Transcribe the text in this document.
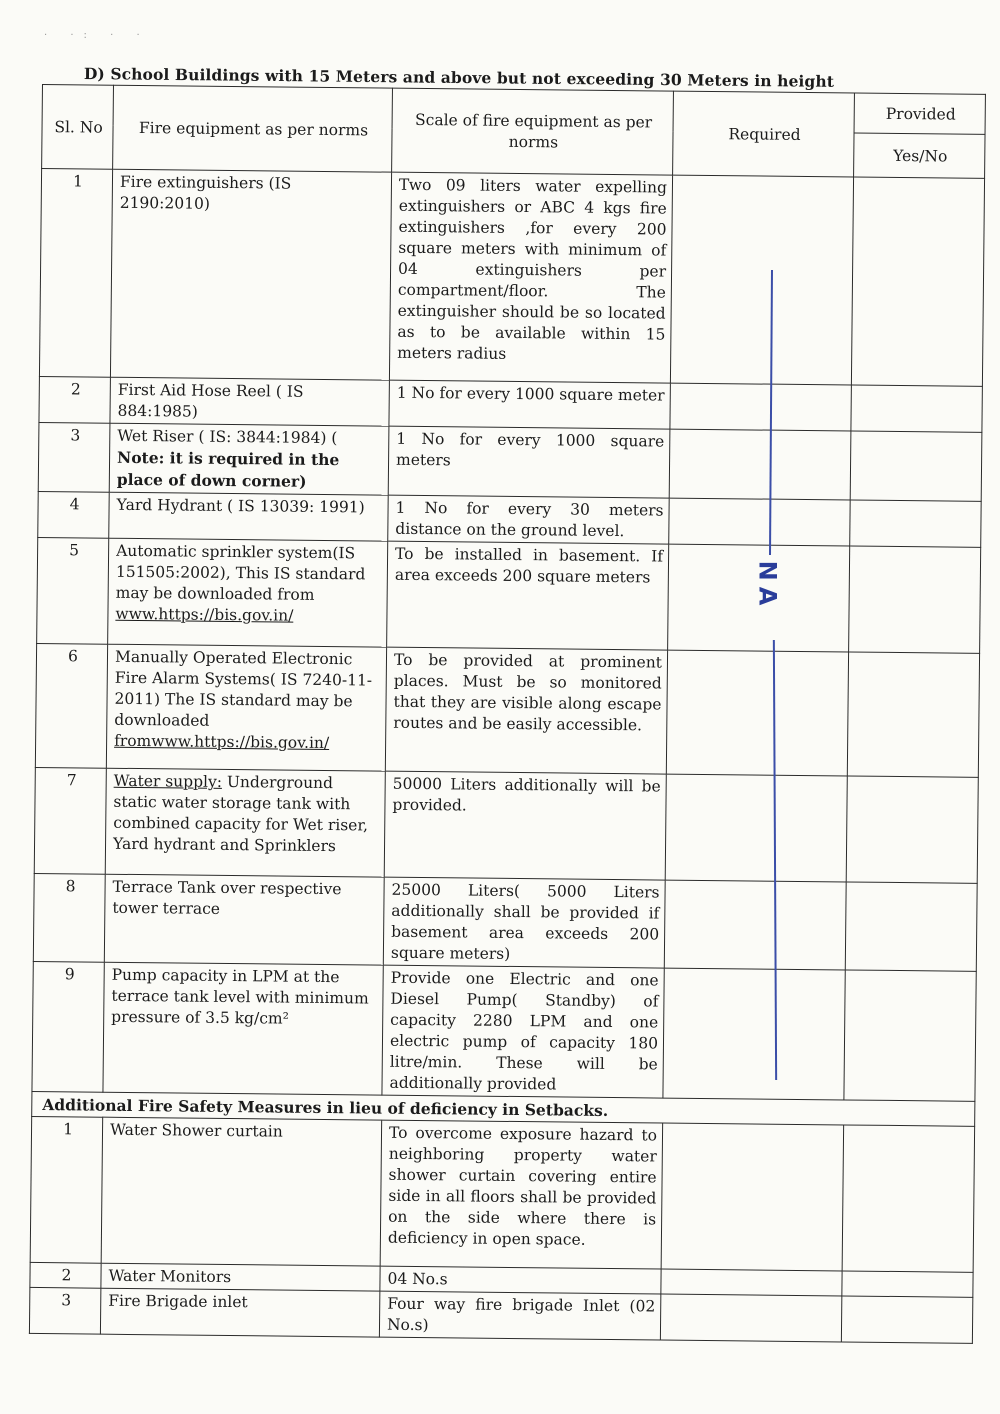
· ·: · ·
D) School Buildings with 15 Meters and above but not exceeding 30 Meters in height
Sl. No	Fire equipment as per norms	Scale of fire equipment as per norms	Required	Provided
				Yes/No
1	Fire extinguishers (IS 2190:2010)	Two 09 liters water expelling extinguishers or ABC 4 kgs fire extinguishers ,for every 200 square meters with minimum of 04 extinguishers per compartment/floor. The extinguisher should be so located as to be available within 15 meters radius		
2	First Aid Hose Reel ( IS 884:1985)	1 No for every 1000 square meter		
3	Wet Riser ( IS: 3844:1984) ( Note: it is required in the place of down corner)	1 No for every 1000 square meters		
4	Yard Hydrant ( IS 13039: 1991)	1 No for every 30 meters distance on the ground level.		
5	Automatic sprinkler system(IS 151505:2002), This IS standard may be downloaded from www.https://bis.gov.in/	To be installed in basement. If area exceeds 200 square meters		
6	Manually Operated Electronic Fire Alarm Systems( IS 7240-11-2011) The IS standard may be downloaded fromwww.https://bis.gov.in/	To be provided at prominent places. Must be so monitored that they are visible along escape routes and be easily accessible.		
7	Water supply: Underground static water storage tank with combined capacity for Wet riser, Yard hydrant and Sprinklers	50000 Liters additionally will be provided.		
8	Terrace Tank over respective tower terrace	25000 Liters( 5000 Liters additionally shall be provided if basement area exceeds 200 square meters)		
9	Pump capacity in LPM at the terrace tank level with minimum pressure of 3.5 kg/cm²	Provide one Electric and one Diesel Pump( Standby) of capacity 2280 LPM and one electric pump of capacity 180 litre/min. These will be additionally provided		
Additional Fire Safety Measures in lieu of deficiency in Setbacks.				
1	Water Shower curtain	To overcome exposure hazard to neighboring property water shower curtain covering entire side in all floors shall be provided on the side where there is deficiency in open space.		
2	Water Monitors	04 No.s		
3	Fire Brigade inlet	Four way fire brigade Inlet (02 No.s)		
NA
